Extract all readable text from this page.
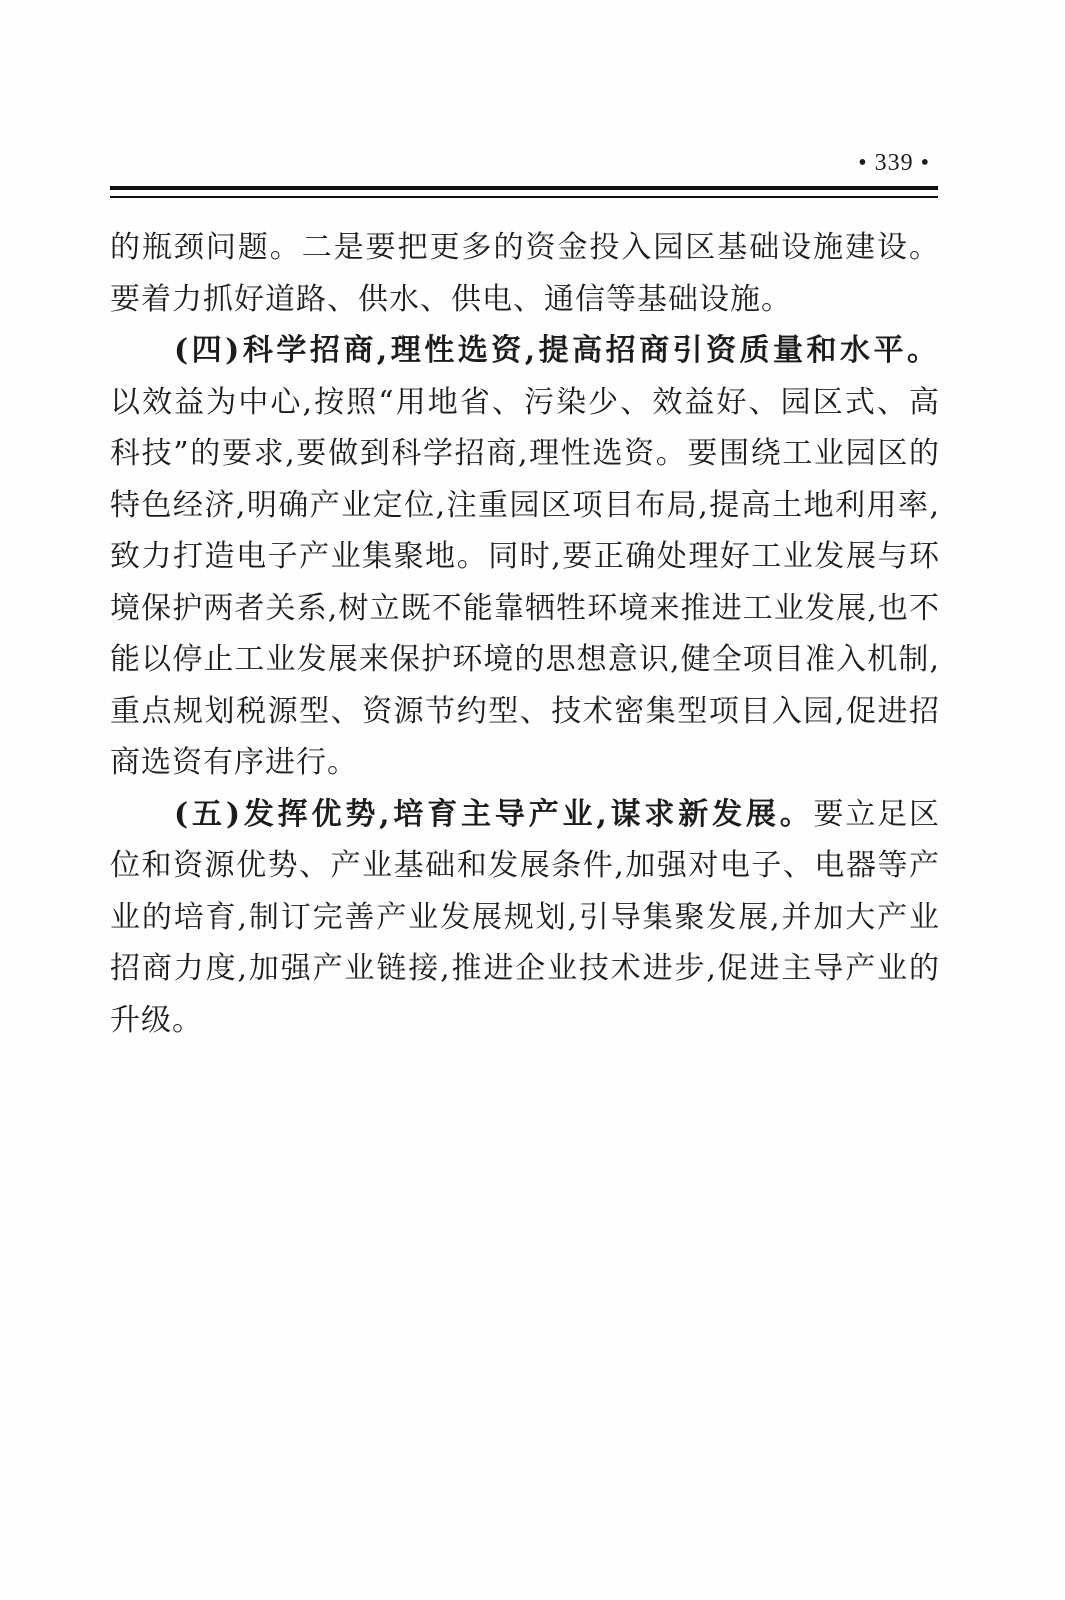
• 339 •

的瓶颈问题。二是要把更多的资金投入园区基础设施建设。要着力抓好道路、供水、供电、通信等基础设施。

(四)科学招商,理性选资,提高招商引资质量和水平。以效益为中心,按照“用地省、污染少、效益好、园区式、高科技”的要求,要做到科学招商,理性选资。要围绕工业园区的特色经济,明确产业定位,注重园区项目布局,提高土地利用率,致力打造电子产业集聚地。同时,要正确处理好工业发展与环境保护两者关系,树立既不能靠牺牲环境来推进工业发展,也不能以停止工业发展来保护环境的思想意识,健全项目准入机制,重点规划税源型、资源节约型、技术密集型项目入园,促进招商选资有序进行。

(五)发挥优势,培育主导产业,谋求新发展。要立足区位和资源优势、产业基础和发展条件,加强对电子、电器等产业的培育,制订完善产业发展规划,引导集聚发展,并加大产业招商力度,加强产业链接,推进企业技术进步,促进主导产业的升级。
